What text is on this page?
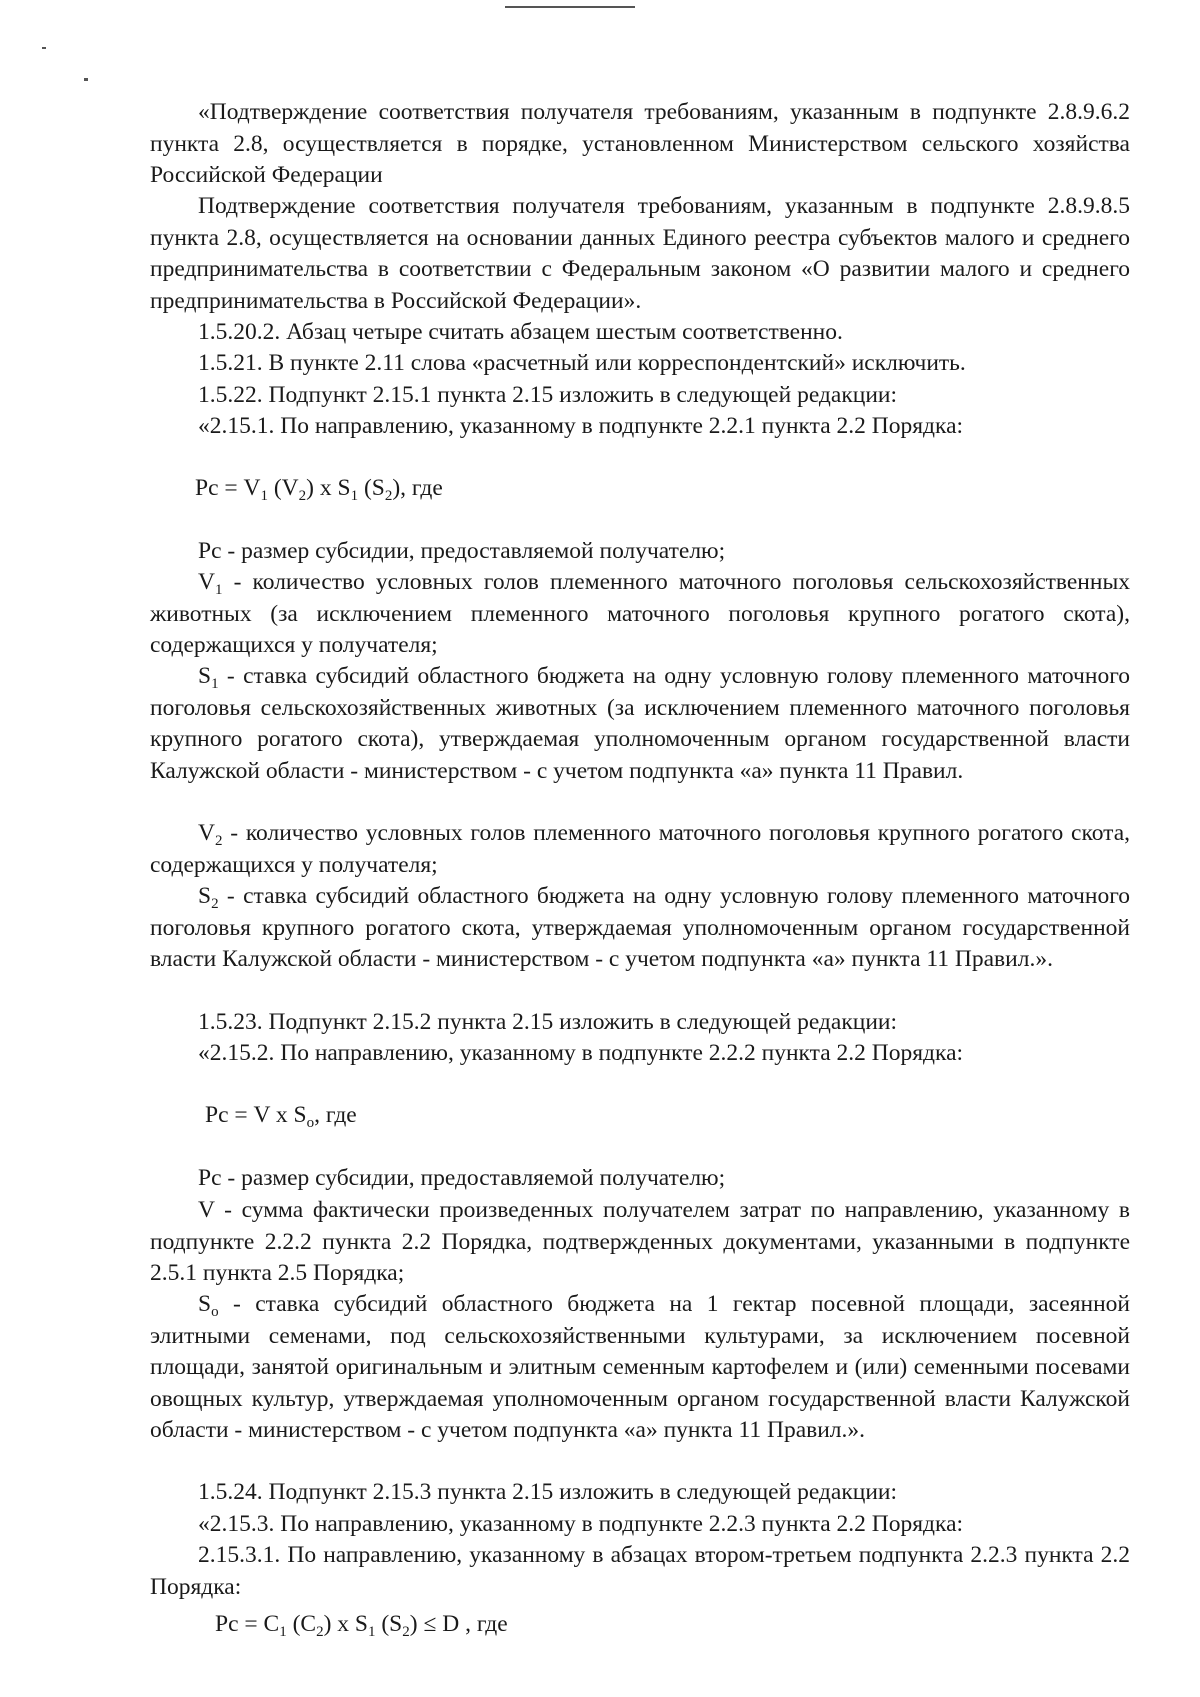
«Подтверждение соответствия получателя требованиям, указанным в подпункте 2.8.9.6.2 пункта 2.8, осуществляется в порядке, установленном Министерством сельского хозяйства Российской Федерации

Подтверждение соответствия получателя требованиям, указанным в подпункте 2.8.9.8.5 пункта 2.8, осуществляется на основании данных Единого реестра субъектов малого и среднего предпринимательства в соответствии с Федеральным законом «О развитии малого и среднего предпринимательства в Российской Федерации».

1.5.20.2. Абзац четыре считать абзацем шестым соответственно.

1.5.21. В пункте 2.11 слова «расчетный или корреспондентский» исключить.

1.5.22. Подпункт 2.15.1 пункта 2.15 изложить в следующей редакции:

«2.15.1. По направлению, указанному в подпункте 2.2.1 пункта 2.2 Порядка:

Рс = $V_1$ $(V_2)$ x $S_1$ $(S_2)$, где

Рс - размер субсидии, предоставляемой получателю;

$V_1$ - количество условных голов племенного маточного поголовья сельскохозяйственных животных (за исключением племенного маточного поголовья крупного рогатого скота), содержащихся у получателя;

$S_1$ - ставка субсидий областного бюджета на одну условную голову племенного маточного поголовья сельскохозяйственных животных (за исключением племенного маточного поголовья крупного рогатого скота), утверждаемая уполномоченным органом государственной власти Калужской области - министерством - с учетом подпункта «а» пункта 11 Правил.

$V_2$ - количество условных голов племенного маточного поголовья крупного рогатого скота, содержащихся у получателя;

$S_2$ - ставка субсидий областного бюджета на одну условную голову племенного маточного поголовья крупного рогатого скота, утверждаемая уполномоченным органом государственной власти Калужской области - министерством - с учетом подпункта «а» пункта 11 Правил.».

1.5.23. Подпункт 2.15.2 пункта 2.15 изложить в следующей редакции:

«2.15.2. По направлению, указанному в подпункте 2.2.2 пункта 2.2 Порядка:

Рс = V x $S_о$, где

Рс - размер субсидии, предоставляемой получателю;

V - сумма фактически произведенных получателем затрат по направлению, указанному в подпункте 2.2.2 пункта 2.2 Порядка, подтвержденных документами, указанными в подпункте 2.5.1 пункта 2.5 Порядка;

$S_о$ - ставка субсидий областного бюджета на 1 гектар посевной площади, засеянной элитными семенами, под сельскохозяйственными культурами, за исключением посевной площади, занятой оригинальным и элитным семенным картофелем и (или) семенными посевами овощных культур, утверждаемая уполномоченным органом государственной власти Калужской области - министерством - с учетом подпункта «а» пункта 11 Правил.».

1.5.24. Подпункт 2.15.3 пункта 2.15 изложить в следующей редакции:

«2.15.3. По направлению, указанному в подпункте 2.2.3 пункта 2.2 Порядка:

2.15.3.1. По направлению, указанному в абзацах втором-третьем подпункта 2.2.3 пункта 2.2 Порядка:

Рс = $C_1$ $(C_2)$ x $S_1$ $(S_2) \le D$ , где
